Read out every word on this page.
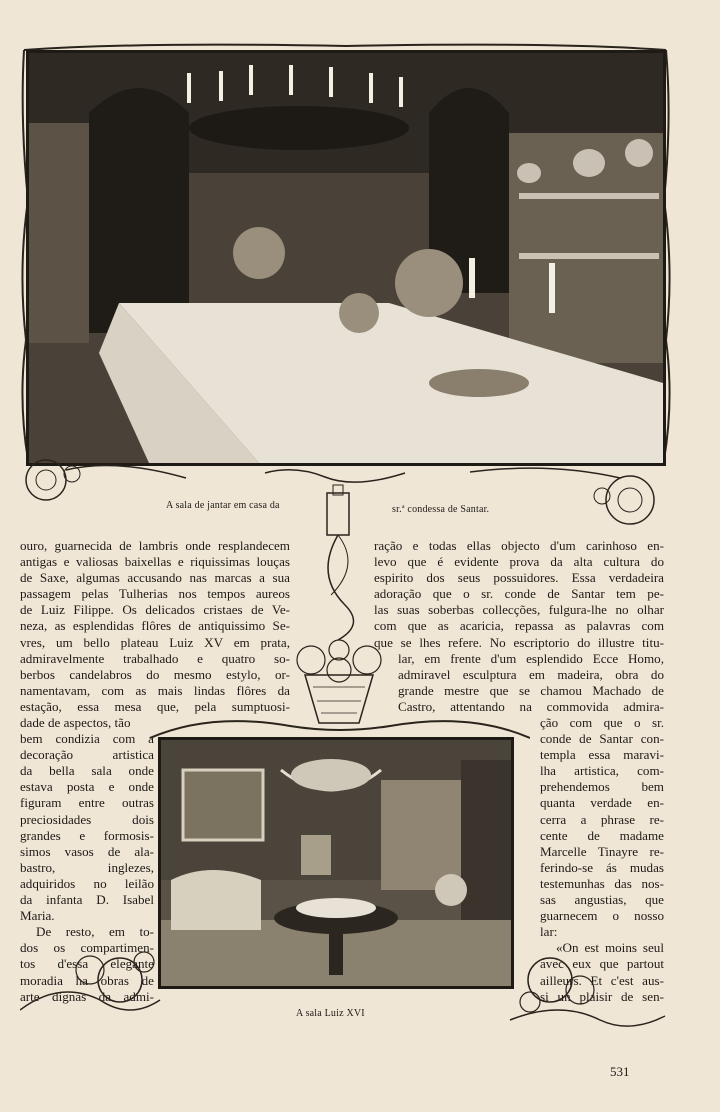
A sala de jantar em casa da	sr.ª condessa de Santar.

ouro, guarnecida de lambris onde resplandecem

antigas e valiosas baixellas e riquissimas louças

de Saxe, algumas accusando nas marcas a sua

passagem pelas Tulherias nos tempos aureos

de Luiz Filippe. Os delicados cristaes de Ve-

neza, as esplendidas flôres de antiquissimo Se-

vres, um bello plateau Luiz XV em prata,

admiravelmente trabalhado e quatro so-

berbos candelabros do mesmo estylo, or-

namentavam, com as mais lindas flôres da

estação, essa mesa que, pela sumptuosi-

dade de aspectos, tão

bem condizia com a

decoração artistica

da bella sala onde

estava posta e onde

figuram entre outras

preciosidades dois

grandes e formosis-

simos vasos de ala-

bastro, inglezes,

adquiridos no leilão

da infanta D. Isabel

Maria.

De resto, em to-

dos os compartimen-

tos d'essa elegante

moradia ha obras de

arte dignas da admi-

ração e todas ellas objecto d'um carinhoso en-

levo que é evidente prova da alta cultura do

espirito dos seus possuidores. Essa verdadeira

adoração que o sr. conde de Santar tem pe-

las suas soberbas collecções, fulgura-lhe no olhar

com que as acaricia, repassa as palavras com

que se lhes refere. No escriptorio do illustre titu-

lar, em frente d'um esplendido Ecce Homo,

admiravel esculptura em madeira, obra do

grande mestre que se chamou Machado de

Castro, attentando na commovida admira-

ção com que o sr.

conde de Santar con-

templa essa maravi-

lha artistica, com-

prehendemos bem

quanta verdade en-

cerra a phrase re-

cente de madame

Marcelle Tinayre re-

ferindo-se ás mudas

testemunhas das nos-

sas angustias, que

guarnecem o nosso

lar:

«On est moins seul

avec eux que partout

ailleurs. Et c'est aus-

si un plaisir de sen-

A sala Luiz XVI
531
